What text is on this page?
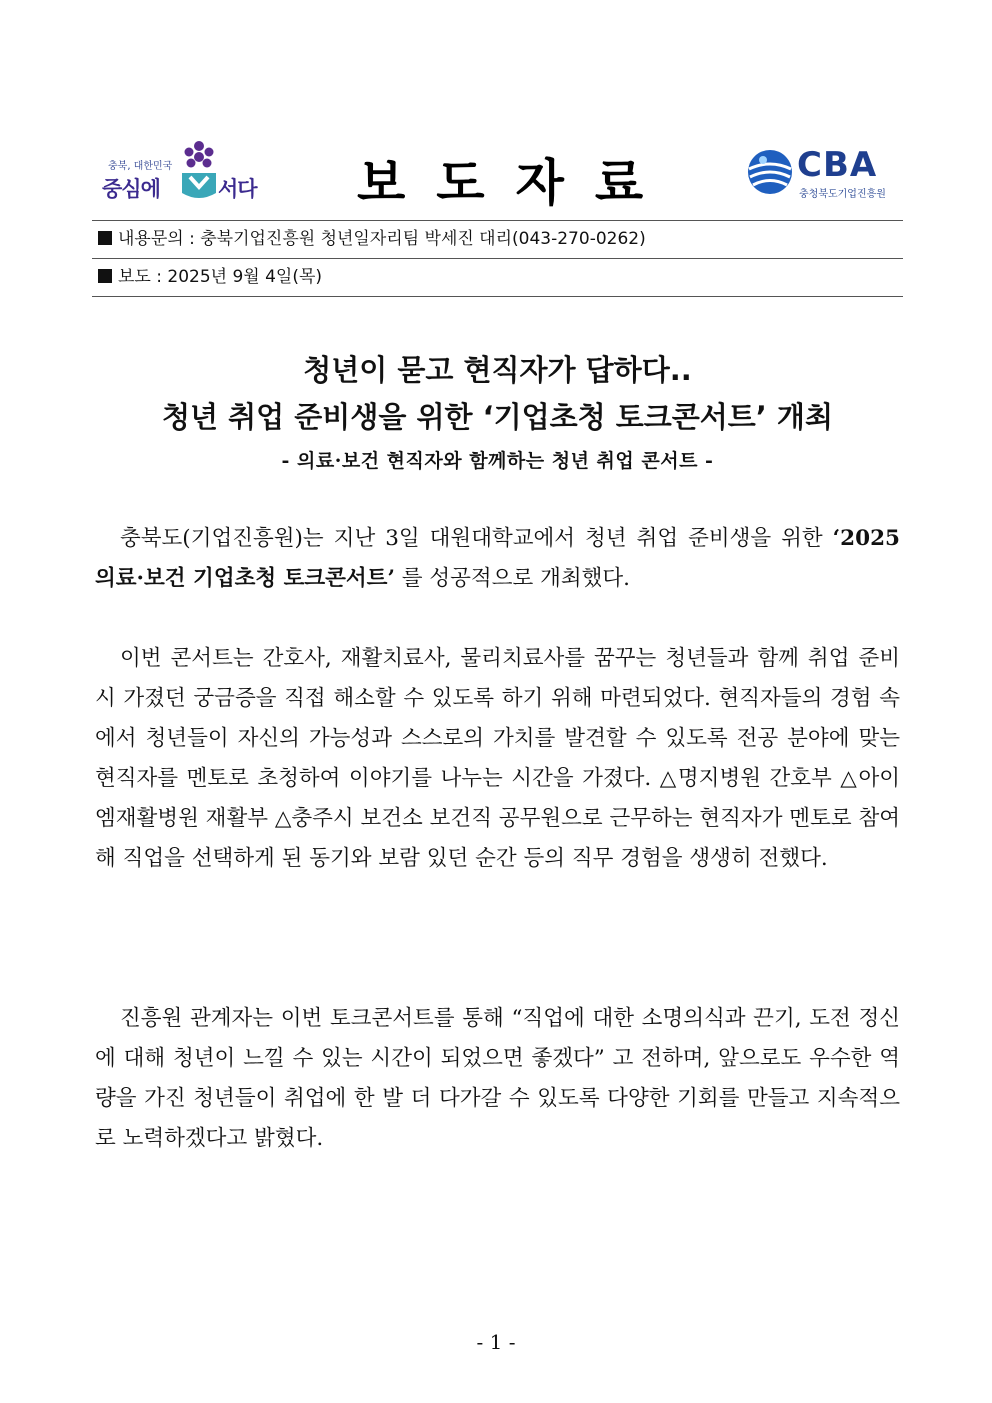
충북, 대한민국
중심에	서다 보도자료	CBA
충청북도기업진흥원
내용문의 : 충북기업진흥원 청년일자리팀 박세진 대리(043-270-0262)
보도 : 2025년 9월 4일(목)
청년이 묻고 현직자가 답하다..
청년 취업 준비생을 위한 ‘기업초청 토크콘서트’ 개최
- 의료·보건 현직자와 함께하는 청년 취업 콘서트 -
충북도(기업진흥원)는 지난 3일 대원대학교에서 청년 취업 준비생을 위한 ‘2025 의료·보건 기업초청 토크콘서트’ 를 성공적으로 개최했다.
이번 콘서트는 간호사, 재활치료사, 물리치료사를 꿈꾸는 청년들과 함께 취업 준비 시 가졌던 궁금증을 직접 해소할 수 있도록 하기 위해 마련되었다. 현직자들의 경험 속에서 청년들이 자신의 가능성과 스스로의 가치를 발견할 수 있도록 전공 분야에 맞는 현직자를 멘토로 초청하여 이야기를 나누는 시간을 가졌다. △명지병원 간호부 △아이엠재활병원 재활부 △충주시 보건소 보건직 공무원으로 근무하는 현직자가 멘토로 참여해 직업을 선택하게 된 동기와 보람 있던 순간 등의 직무 경험을 생생히 전했다.
진흥원 관계자는 이번 토크콘서트를 통해 “직업에 대한 소명의식과 끈기, 도전 정신에 대해 청년이 느낄 수 있는 시간이 되었으면 좋겠다” 고 전하며, 앞으로도 우수한 역량을 가진 청년들이 취업에 한 발 더 다가갈 수 있도록 다양한 기회를 만들고 지속적으로 노력하겠다고 밝혔다.
- 1 -
